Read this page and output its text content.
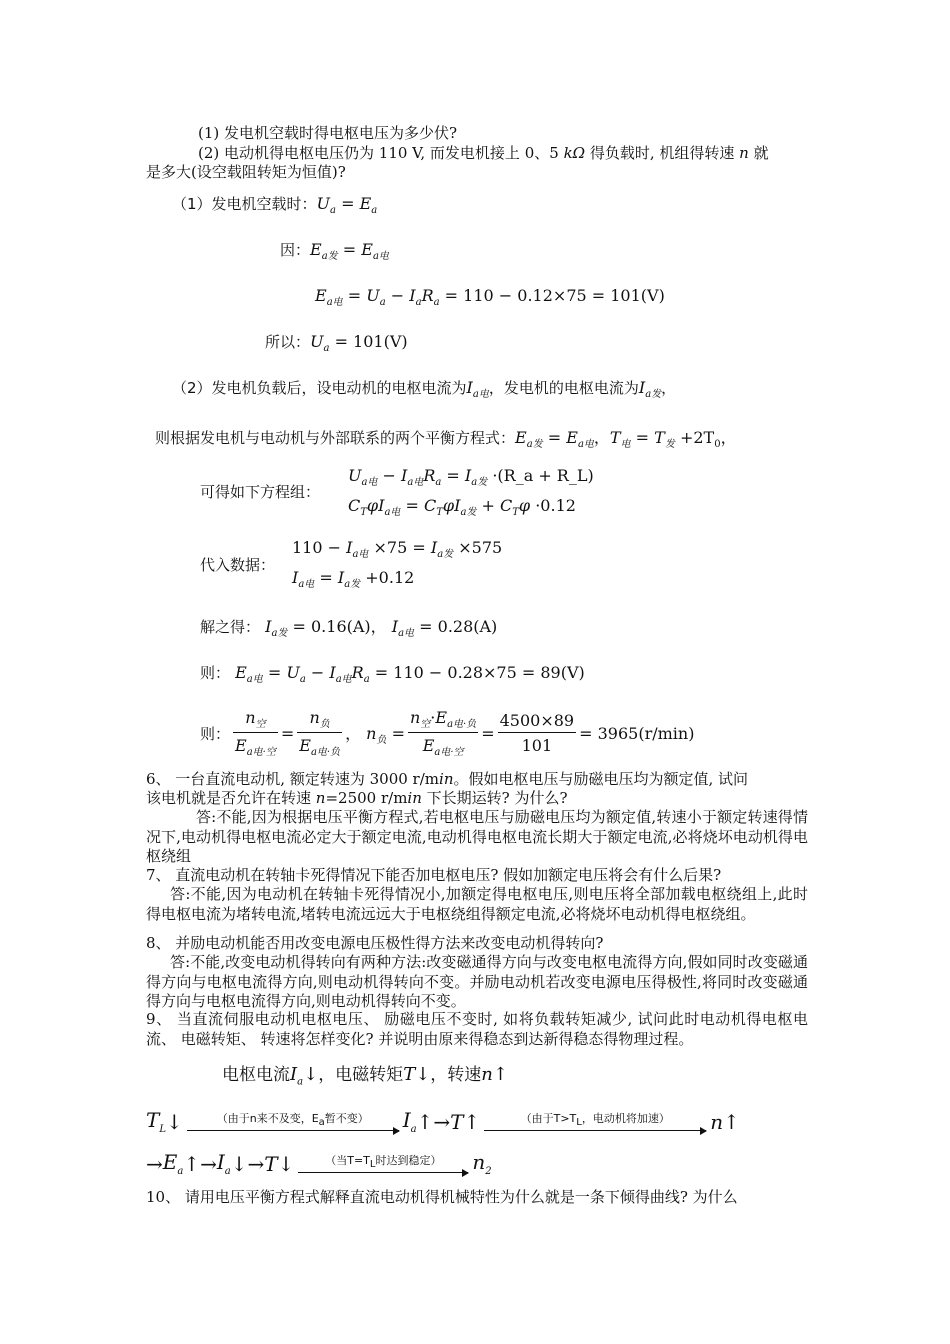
(1) 发电机空载时得电枢电压为多少伏?
(2) 电动机得电枢电压仍为 110 V, 而发电机接上 0、5 kΩ 得负载时, 机组得转速 n 就
是多大(设空载阻转矩为恒值)?
（1）发电机空载时：$U_a = E_a$
因：$E_{a发} = E_{a电}$
$E_{a电} = U_a - I_aR_a = 110 - 0.12\times 75 = 101(V)$
所以：$U_a = 101(V)$
（2）发电机负载后，设电动机的电枢电流为$I_{a电}$，发电机的电枢电流为$I_{a发}$，
则根据发电机与电动机与外部联系的两个平衡方程式：$E_{a发} = E_{a电}$，$T_电 = T_发 +2T_0$，
可得如下方程组：
$U_{a电} - I_{a电}R_a = I_{a发}$ ·(R_a + R_L)
$C_T\varphi I_{a电} = C_T\varphi I_{a发} + C_T\varphi \cdot 0.12$
代入数据：
$110 - I_{a电} \times 75 = I_{a发} \times 575$
$I_{a电} = I_{a发} +0.12$
解之得： $I_{a发} = 0.16(A)$， $I_{a电} = 0.28(A)$
则： $E_{a电} = U_a - I_{a电}R_a = 110 - 0.28\times 75 = 89(V)$
则： $\frac{n_空}{E_{a电\cdot 空}} = \frac{n_负}{E_{a电\cdot 负}}$ ， $n_负 = \frac{n_空\cdot E_{a电\cdot 负}}{E_{a电\cdot 空}} = \frac{4500\times 89}{101} = 3965(r/\min)$
6、 一台直流电动机, 额定转速为 3000 r/min。假如电枢电压与励磁电压均为额定值, 试问
该电机就是否允许在转速 n=2500 r/min 下长期运转? 为什么?
答:不能,因为根据电压平衡方程式,若电枢电压与励磁电压均为额定值,转速小于额定转速得情况下,电动机得电枢电流必定大于额定电流,电动机得电枢电流长期大于额定电流,必将烧坏电动机得电枢绕组
7、 直流电动机在转轴卡死得情况下能否加电枢电压? 假如加额定电压将会有什么后果?
答:不能,因为电动机在转轴卡死得情况小,加额定得电枢电压,则电压将全部加载电枢绕组上,此时得电枢电流为堵转电流,堵转电流远远大于电枢绕组得额定电流,必将烧坏电动机得电枢绕组。
8、 并励电动机能否用改变电源电压极性得方法来改变电动机得转向?
答:不能,改变电动机得转向有两种方法:改变磁通得方向与改变电枢电流得方向,假如同时改变磁通得方向与电枢电流得方向,则电动机得转向不变。并励电动机若改变电源电压得极性,将同时改变磁通得方向与电枢电流得方向,则电动机得转向不变。
9、 当直流伺服电动机电枢电压、 励磁电压不变时, 如将负载转矩减少, 试问此时电动机得电枢电流、 电磁转矩、 转速将怎样变化? 并说明由原来得稳态到达新得稳态得物理过程。
电枢电流$I_a↓$，电磁转矩T↓，转速n↑
$T_L$ ↓	（由于n来不及变，$E_a$暂不变） $I_a$ ↑→ T ↑	（由于$T>T_L$，电动机将加速） n ↑
→ $E_a$ ↑→ $I_a$ ↓→ T ↓	（当$T=T_L$时达到稳定） $n_2$
10、 请用电压平衡方程式解释直流电动机得机械特性为什么就是一条下倾得曲线? 为什么
